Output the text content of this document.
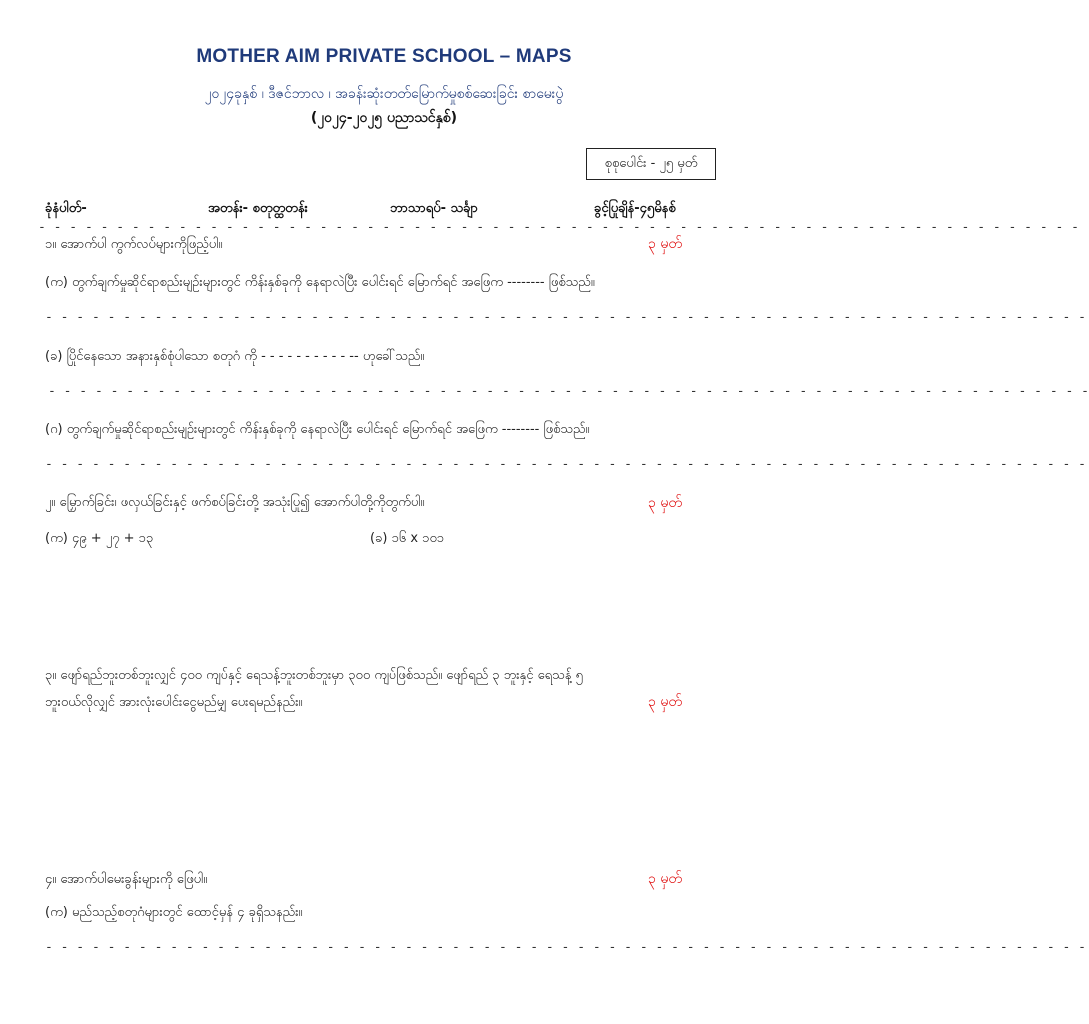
MOTHER AIM PRIVATE SCHOOL – MAPS
၂၀၂၄ခုနှစ် ၊ ဒီဇင်ဘာလ ၊ အခန်းဆုံးတတ်မြောက်မှုစစ်ဆေးခြင်း စာမေးပွဲ
(၂၀၂၄-၂၀၂၅ ပညာသင်နှစ်)
စုစုပေါင်း - ၂၅ မှတ်
ခုံနံပါတ်-	အတန်း- စတုတ္ထတန်း	ဘာသာရပ်- သင်္ချာ	ခွင့်ပြုချိန်-၄၅မိနစ်
- - - - - - - - - - - - - - - - - - - - - - - - - - - - - - - - - - - - - - - - - - - - - - - - - - - - - - - - - - - - - - - - - - -
၁။ အောက်ပါ ကွက်လပ်များကိုဖြည့်ပါ။	၃ မှတ်
(က) တွက်ချက်မှုဆိုင်ရာစည်းမျဉ်းများတွင် ကိန်းနှစ်ခုကို နေရာလဲပြီး ပေါင်းရင် မြောက်ရင် အဖြေက -------- ဖြစ်သည်။
- - - - - - - - - - - - - - - - - - - - - - - - - - - - - - - - - - - - - - - - - - - - - - - - - - - - - - - - - - - - - - - - - - -
(ခ) ပြိုင်နေသော အနားနှစ်စုံပါသော စတုဂံ ကို - - - - - - - - - - -- ဟုခေါ်သည်။
- - - - - - - - - - - - - - - - - - - - - - - - - - - - - - - - - - - - - - - - - - - - - - - - - - - - - - - - - - - - - - - - - - -
(ဂ) တွက်ချက်မှုဆိုင်ရာစည်းမျဉ်းများတွင် ကိန်းနှစ်ခုကို နေရာလဲပြီး ပေါင်းရင် မြောက်ရင် အဖြေက -------- ဖြစ်သည်။
- - - - - - - - - - - - - - - - - - - - - - - - - - - - - - - - - - - - - - - - - - - - - - - - - - - - - - - - - - - - - - - - - - -
၂။ မြှောက်ခြင်း၊ ဖလှယ်ခြင်းနှင့် ဖက်စပ်ခြင်းတို့ အသုံးပြု၍ အောက်ပါတို့ကိုတွက်ပါ။	၃ မှတ်
(က) ၄၉ + ၂၇ + ၁၃	(ခ) ၁၆ x ၁၀၁
၃။ ဖျော်ရည်ဘူးတစ်ဘူးလျှင် ၄၀၀ ကျပ်နှင့် ရေသန့်ဘူးတစ်ဘူးမှာ ၃၀၀ ကျပ်ဖြစ်သည်။ ဖျော်ရည် ၃ ဘူးနှင့် ရေသန့် ၅
ဘူးဝယ်လိုလျှင် အားလုံးပေါင်းငွေမည်မျှ ပေးရမည်နည်း။	၃ မှတ်
၄။ အောက်ပါမေးခွန်းများကို ဖြေပါ။	၃ မှတ်
(က) မည်သည့်စတုဂံများတွင် ထောင့်မှန် ၄ ခုရှိသနည်း။
- - - - - - - - - - - - - - - - - - - - - - - - - - - - - - - - - - - - - - - - - - - - - - - - - - - - - - - - - - - - - - - - - - -
